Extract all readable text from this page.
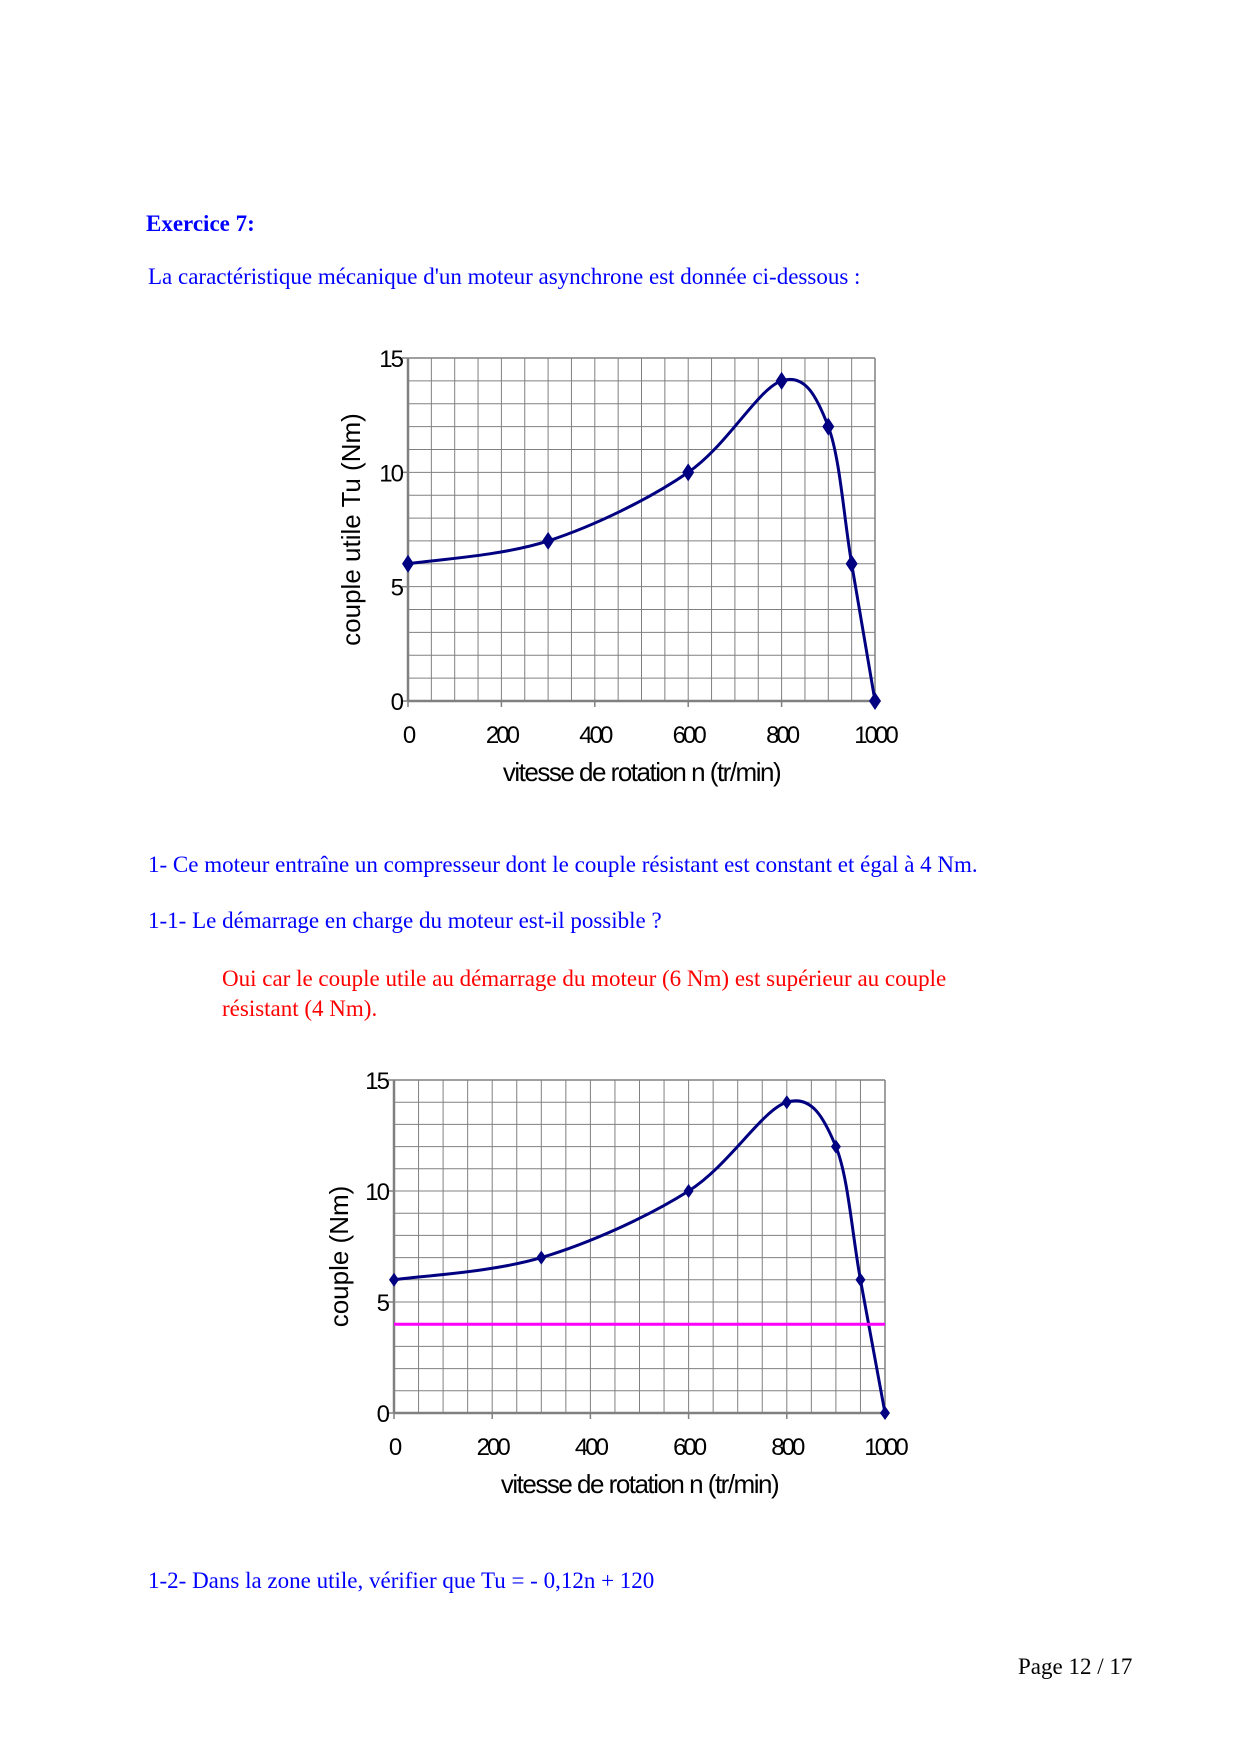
Exercice 7:
La caractéristique mécanique d'un moteur asynchrone est donnée ci-dessous :
0
5
10
15
0	200	400	600	800 1000
vitesse de rotation n (tr/min)
couple utile Tu (Nm)
1- Ce moteur entraîne un compresseur dont le couple résistant est constant et égal à 4 Nm.
1-1- Le démarrage en charge du moteur est-il possible ?
Oui car le couple utile au démarrage du moteur (6 Nm) est supérieur au couple
résistant (4 Nm).
0
5
10
15
0	200	400	600	800	1000
vitesse de rotation n (tr/min)
couple (Nm)
1-2- Dans la zone utile, vérifier que Tu = - 0,12n + 120
Page 12 / 17
